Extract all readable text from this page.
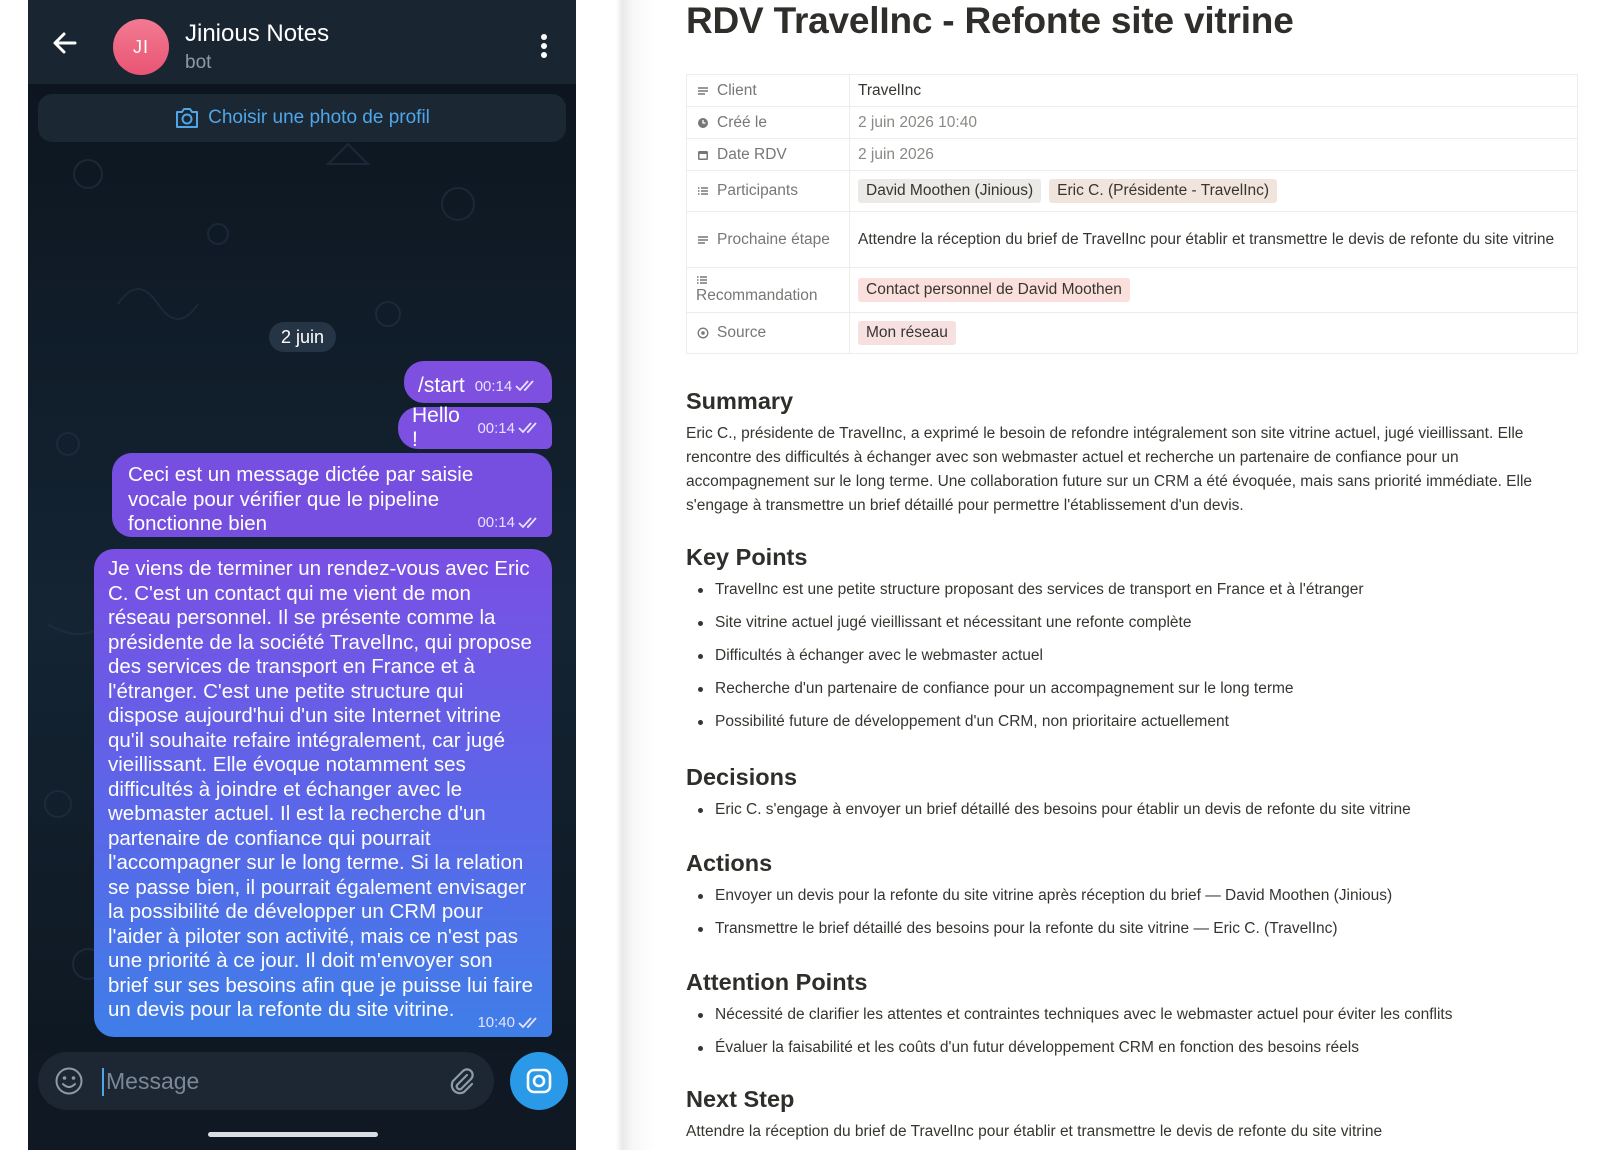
JI Jinious Notes
bot
Choisir une photo de profil
2 juin
/start 00:14
Hello !	00:14
Ceci est un message dictée par saisie vocale pour vérifier que le pipeline fonctionne bien	00:14
Je viens de terminer un rendez-vous avec Eric C. C'est un contact qui me vient de mon réseau personnel. Il se présente comme la présidente de la société TravelInc, qui propose des services de transport en France et à l'étranger. C'est une petite structure qui dispose aujourd'hui d'un site Internet vitrine qu'il souhaite refaire intégralement, car jugé vieillissant. Elle évoque notamment ses difficultés à joindre et échanger avec le webmaster actuel. Il est la recherche d'un partenaire de confiance qui pourrait l'accompagner sur le long terme. Si la relation se passe bien, il pourrait également envisager la possibilité de développer un CRM pour l'aider à piloter son activité, mais ce n'est pas une priorité à ce jour. Il doit m'envoyer son brief sur ses besoins afin que je puisse lui faire un devis pour la refonte du site vitrine.
10:40
Message
RDV TravelInc - Refonte site vitrine
Client	TravelInc
Créé le	2 juin 2026 10:40
Date RDV	2 juin 2026
Participants	David Moothen (Jinious)	Eric C. (Présidente - TravelInc)
Prochaine étape	Attendre la réception du brief de TravelInc pour établir et transmettre le devis de refonte du site vitrine
Recommandation	Contact personnel de David Moothen
Source	Mon réseau
Summary
Eric C., présidente de TravelInc, a exprimé le besoin de refondre intégralement son site vitrine actuel, jugé vieillissant. Elle rencontre des difficultés à échanger avec son webmaster actuel et recherche un partenaire de confiance pour un accompagnement sur le long terme. Une collaboration future sur un CRM a été évoquée, mais sans priorité immédiate. Elle s'engage à transmettre un brief détaillé pour permettre l'établissement d'un devis.
Key Points
TravelInc est une petite structure proposant des services de transport en France et à l'étranger
Site vitrine actuel jugé vieillissant et nécessitant une refonte complète
Difficultés à échanger avec le webmaster actuel
Recherche d'un partenaire de confiance pour un accompagnement sur le long terme
Possibilité future de développement d'un CRM, non prioritaire actuellement
Decisions
Eric C. s'engage à envoyer un brief détaillé des besoins pour établir un devis de refonte du site vitrine
Actions
Envoyer un devis pour la refonte du site vitrine après réception du brief — David Moothen (Jinious)
Transmettre le brief détaillé des besoins pour la refonte du site vitrine — Eric C. (TravelInc)
Attention Points
Nécessité de clarifier les attentes et contraintes techniques avec le webmaster actuel pour éviter les conflits
Évaluer la faisabilité et les coûts d'un futur développement CRM en fonction des besoins réels
Next Step
Attendre la réception du brief de TravelInc pour établir et transmettre le devis de refonte du site vitrine
